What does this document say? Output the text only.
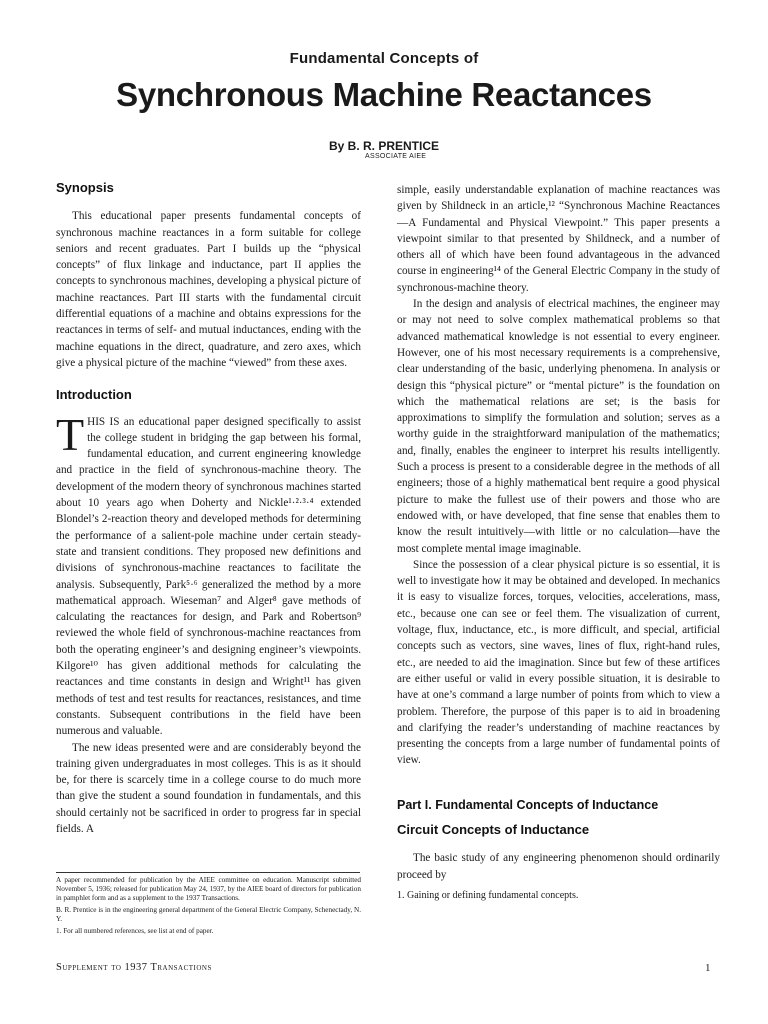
Fundamental Concepts of
Synchronous Machine Reactances
By B. R. PRENTICE
ASSOCIATE AIEE
Synopsis

This educational paper presents fundamental concepts of synchronous machine reactances in a form suitable for college seniors and recent graduates. Part I builds up the “physical concepts” of flux linkage and inductance, part II applies the concepts to synchronous machines, developing a physical picture of machine reactances. Part III starts with the fundamental circuit differential equations of a machine and obtains expressions for the reactances in terms of self- and mutual inductances, ending with the machine equations in the direct, quadrature, and zero axes, which give a physical picture of the machine “viewed” from these axes.

Introduction

THIS IS an educational paper designed specifically to assist the college student in bridging the gap between his formal, fundamental education, and current engineering knowledge and practice in the field of synchronous-machine theory. The development of the modern theory of synchronous machines started about 10 years ago when Doherty and Nickle¹·²·³·⁴ extended Blondel’s 2-reaction theory and developed methods for determining the performance of a salient-pole machine under certain steady-state and transient conditions. They proposed new definitions and divisions of synchronous-machine reactances to facilitate the analysis. Subsequently, Park⁵·⁶ generalized the method by a more mathematical approach. Wieseman⁷ and Alger⁸ gave methods of calculating the reactances for design, and Park and Robertson⁹ reviewed the whole field of synchronous-machine reactances from both the operating engineer’s and designing engineer’s viewpoints. Kilgore¹⁰ has given additional methods for calculating the reactances and time constants in design and Wright¹¹ has given methods of test and test results for reactances, resistances, and time constants. Subsequent contributions in the field have been numerous and valuable.

The new ideas presented were and are considerably beyond the training given undergraduates in most colleges. This is as it should be, for there is scarcely time in a college course to do much more than give the student a sound foundation in fundamentals, and this should certainly not be sacrificed in order to progress far in special fields. A

A paper recommended for publication by the AIEE committee on education. Manuscript submitted November 5, 1936; released for publication May 24, 1937, by the AIEE board of directors for publication in pamphlet form and as a supplement to the 1937 Transactions.

B. R. Prentice is in the engineering general department of the General Electric Company, Schenectady, N. Y.

1. For all numbered references, see list at end of paper.

simple, easily understandable explanation of machine reactances was given by Shildneck in an article,¹² “Synchronous Machine Reactances—A Fundamental and Physical Viewpoint.” This paper presents a viewpoint similar to that presented by Shildneck, and a number of others all of which have been found advantageous in the advanced course in engineering¹⁴ of the General Electric Company in the study of synchronous-machine theory.

In the design and analysis of electrical machines, the engineer may or may not need to solve complex mathematical problems so that advanced mathematical knowledge is not essential to every engineer. However, one of his most necessary requirements is a comprehensive, clear understanding of the basic, underlying phenomena. In analysis or design this “physical picture” or “mental picture” is the foundation on which the mathematical relations are set; is the basis for approximations to simplify the formulation and solution; serves as a worthy guide in the straightforward manipulation of the mathematics; and, finally, enables the engineer to interpret his results intelligently. Such a process is present to a considerable degree in the methods of all engineers; those of a highly mathematical bent require a good physical picture to make the fullest use of their powers and those who are endowed with, or have developed, that fine sense that enables them to know the result intuitively—with little or no calculation—have the most complete mental image imaginable.

Since the possession of a clear physical picture is so essential, it is well to investigate how it may be obtained and developed. In mechanics it is easy to visualize forces, torques, velocities, accelerations, mass, etc., because one can see or feel them. The visualization of current, voltage, flux, inductance, etc., is more difficult, and special, artificial concepts such as vectors, sine waves, lines of flux, right-hand rules, etc., are needed to aid the imagination. Since but few of these artifices are either useful or valid in every possible situation, it is desirable to have at one’s command a large number of points from which to view a problem. Therefore, the purpose of this paper is to aid in broadening and clarifying the reader’s understanding of machine reactances by presenting the concepts from a large number of fundamental points of view.

Part I. Fundamental Concepts of Inductance
Circuit Concepts of Inductance

The basic study of any engineering phenomenon should ordinarily proceed by

1. Gaining or defining fundamental concepts.
Supplement to 1937 Transactions	1
